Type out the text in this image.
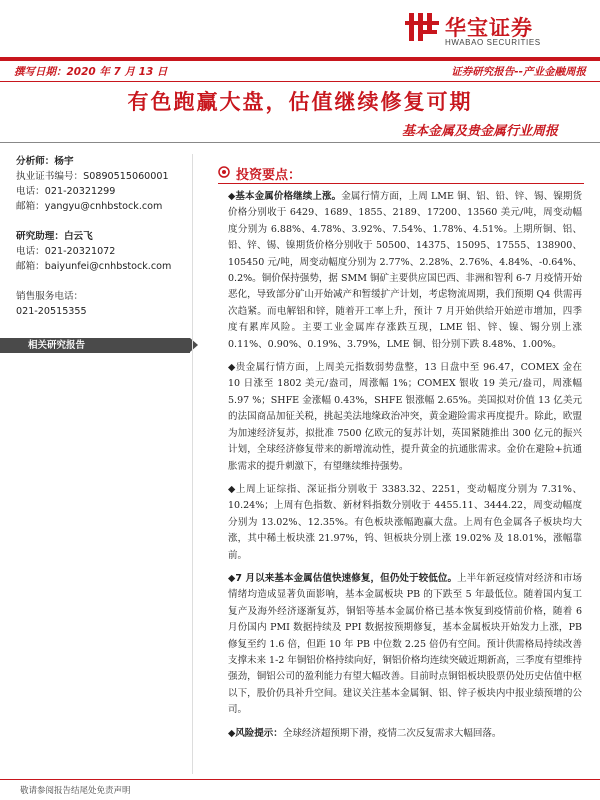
华宝证券
HWABAO SECURITIES
撰写日期：2020 年 7 月 13 日	证券研究报告--产业金融周报
有色跑赢大盘，估值继续修复可期
基本金属及贵金属行业周报
分析师：杨宇
执业证书编号：S0890515060001
电话：021-20321299
邮箱：yangyu@cnhbstock.com
研究助理：白云飞
电话：021-20321072
邮箱：baiyunfei@cnhbstock.com
销售服务电话：
021-20515355
相关研究报告
投资要点：

◆基本金属价格继续上涨。金属行情方面，上周 LME 铜、铝、铅、锌、锡、镍期货价格分别收于 6429、1689、1855、2189、17200、13560 美元/吨，周变动幅度分别为 6.88%、4.78%、3.92%、7.54%、1.78%、4.51%。上期所铜、铝、铅、锌、锡、镍期货价格分别收于 50500、14375、15095、17555、138900、105450 元/吨，周变动幅度分别为 2.77%、2.28%、2.76%、4.84%、-0.64%、0.2%。铜价保持强势，据 SMM 铜矿主要供应国巴西、非洲和智利 6-7 月疫情开始恶化，导致部分矿山开始减产和暂缓扩产计划，考虑物流周期，我们预期 Q4 供需再次趋紧。而电解铝和锌，随着开工率上升，预计 7 月开始供给开始逆市增加，四季度有累库风险。主要工业金属库存涨跌互现，LME 铝、锌、镍、锡分别上涨 0.11%、0.90%、0.19%、3.79%，LME 铜、铅分别下跌 8.48%、1.00%。

◆贵金属行情方面，上周美元指数弱势盘整，13 日盘中至 96.47，COMEX 金在 10 日涨至 1802 美元/盎司，周涨幅 1%；COMEX 银收 19 美元/盎司，周涨幅 5.97 %；SHFE 金涨幅 0.43%，SHFE 银涨幅 2.65%。美国拟对价值 13 亿美元的法国商品加征关税，挑起美法地缘政治冲突，黄金避险需求再度提升。除此，欧盟为加速经济复苏，拟批准 7500 亿欧元的复苏计划，英国紧随推出 300 亿元的振兴计划，全球经济修复带来的新增流动性，提升黄金的抗通胀需求。金价在避险+抗通胀需求的提升刺激下，有望继续维持强势。

◆上周上证综指、深证指分别收于 3383.32、2251，变动幅度分别为 7.31%、10.24%；上周有色指数、新材料指数分别收于 4455.11、3444.22，周变动幅度分别为 13.02%、12.35%。有色板块涨幅跑赢大盘。上周有色金属各子板块均大涨，其中稀土板块涨 21.97%，钨、钽板块分别上涨 19.02% 及 18.01%，涨幅靠前。

◆7 月以来基本金属估值快速修复，但仍处于较低位。上半年新冠疫情对经济和市场情绪均造成显著负面影响，基本金属板块 PB 的下跌至 5 年最低位。随着国内复工复产及海外经济逐渐复苏，铜铝等基本金属价格已基本恢复到疫情前价格，随着 6 月份国内 PMI 数据持续及 PPI 数据按预期修复，基本金属板块开始发力上涨，PB 修复至约 1.6 倍，但距 10 年 PB 中位数 2.25 倍仍有空间。预计供需格局持续改善支撑未来 1-2 年铜铝价格持续向好，铜铝价格均连续突破近期新高，三季度有望维持强劲，铜铝公司的盈利能力有望大幅改善。目前时点铜铝板块股票仍处历史估值中枢以下，股价仍具补升空间。建议关注基本金属铜、铝、锌子板块内中报业绩预增的公司。

◆风险提示：全球经济超预期下滑，疫情二次反复需求大幅回落。

敬请参阅报告结尾处免责声明
